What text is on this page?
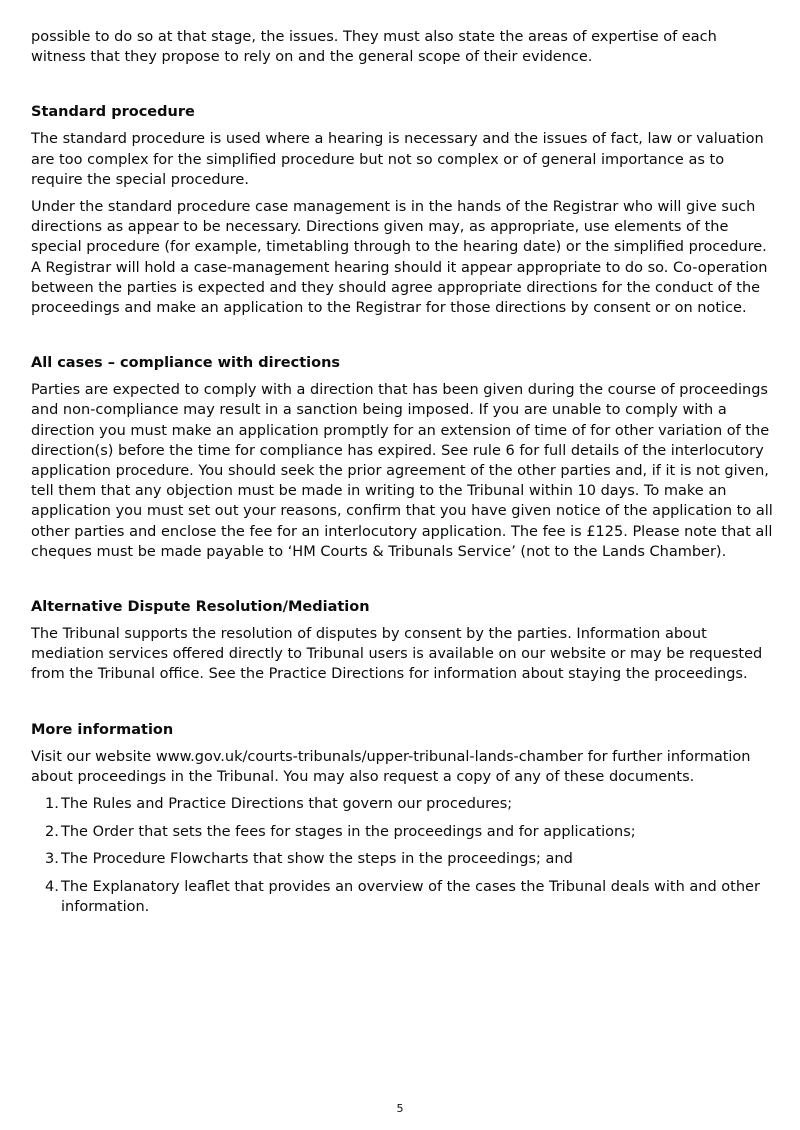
possible to do so at that stage, the issues. They must also state the areas of expertise of each witness that they propose to rely on and the general scope of their evidence.

Standard procedure

The standard procedure is used where a hearing is necessary and the issues of fact, law or valuation are too complex for the simplified procedure but not so complex or of general importance as to require the special procedure.

Under the standard procedure case management is in the hands of the Registrar who will give such directions as appear to be necessary. Directions given may, as appropriate, use elements of the special procedure (for example, timetabling through to the hearing date) or the simplified procedure. A Registrar will hold a case-management hearing should it appear appropriate to do so. Co-operation between the parties is expected and they should agree appropriate directions for the conduct of the proceedings and make an application to the Registrar for those directions by consent or on notice.

All cases – compliance with directions

Parties are expected to comply with a direction that has been given during the course of proceedings and non-compliance may result in a sanction being imposed. If you are unable to comply with a direction you must make an application promptly for an extension of time of for other variation of the direction(s) before the time for compliance has expired. See rule 6 for full details of the interlocutory application procedure. You should seek the prior agreement of the other parties and, if it is not given, tell them that any objection must be made in writing to the Tribunal within 10 days. To make an application you must set out your reasons, confirm that you have given notice of the application to all other parties and enclose the fee for an interlocutory application. The fee is £125. Please note that all cheques must be made payable to ‘HM Courts & Tribunals Service’ (not to the Lands Chamber).

Alternative Dispute Resolution/Mediation

The Tribunal supports the resolution of disputes by consent by the parties. Information about mediation services offered directly to Tribunal users is available on our website or may be requested from the Tribunal office. See the Practice Directions for information about staying the proceedings.

More information

Visit our website www.gov.uk/courts-tribunals/upper-tribunal-lands-chamber for further information about proceedings in the Tribunal. You may also request a copy of any of these documents.

1. The Rules and Practice Directions that govern our procedures;
2. The Order that sets the fees for stages in the proceedings and for applications;
3. The Procedure Flowcharts that show the steps in the proceedings; and
4. The Explanatory leaflet that provides an overview of the cases the Tribunal deals with and other information.
5
